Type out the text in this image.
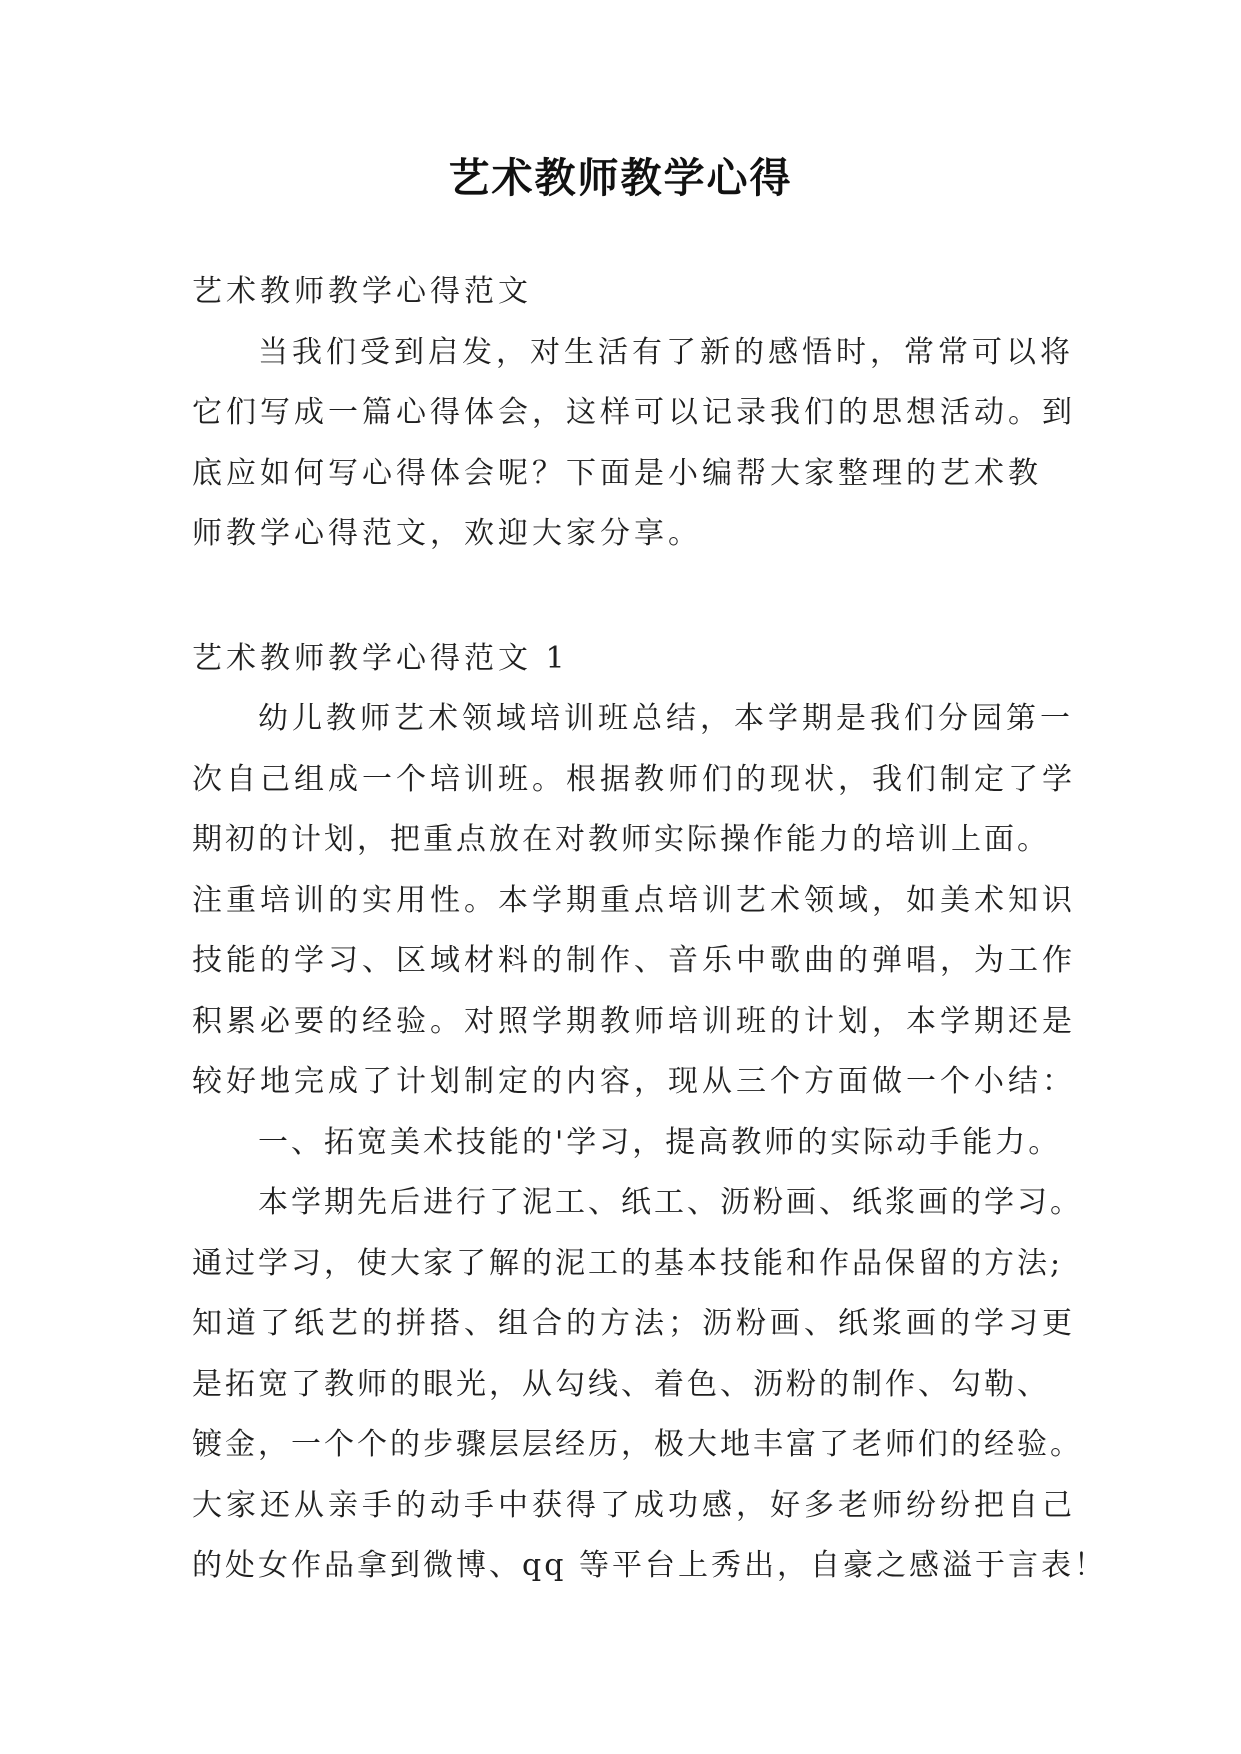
艺术教师教学心得
艺术教师教学心得范文
当我们受到启发，对生活有了新的感悟时，常常可以将
它们写成一篇心得体会，这样可以记录我们的思想活动。到
底应如何写心得体会呢？下面是小编帮大家整理的艺术教
师教学心得范文，欢迎大家分享。
艺术教师教学心得范文 1
幼儿教师艺术领域培训班总结，本学期是我们分园第一
次自己组成一个培训班。根据教师们的现状，我们制定了学
期初的计划，把重点放在对教师实际操作能力的培训上面。
注重培训的实用性。本学期重点培训艺术领域，如美术知识
技能的学习、区域材料的制作、音乐中歌曲的弹唱，为工作
积累必要的经验。对照学期教师培训班的计划，本学期还是
较好地完成了计划制定的内容，现从三个方面做一个小结：
一、拓宽美术技能的'学习，提高教师的实际动手能力。
本学期先后进行了泥工、纸工、沥粉画、纸浆画的学习。
通过学习，使大家了解的泥工的基本技能和作品保留的方法;
知道了纸艺的拼搭、组合的方法；沥粉画、纸浆画的学习更
是拓宽了教师的眼光，从勾线、着色、沥粉的制作、勾勒、
镀金，一个个的步骤层层经历，极大地丰富了老师们的经验。
大家还从亲手的动手中获得了成功感，好多老师纷纷把自己
的处女作品拿到微博、qq 等平台上秀出，自豪之感溢于言表！
